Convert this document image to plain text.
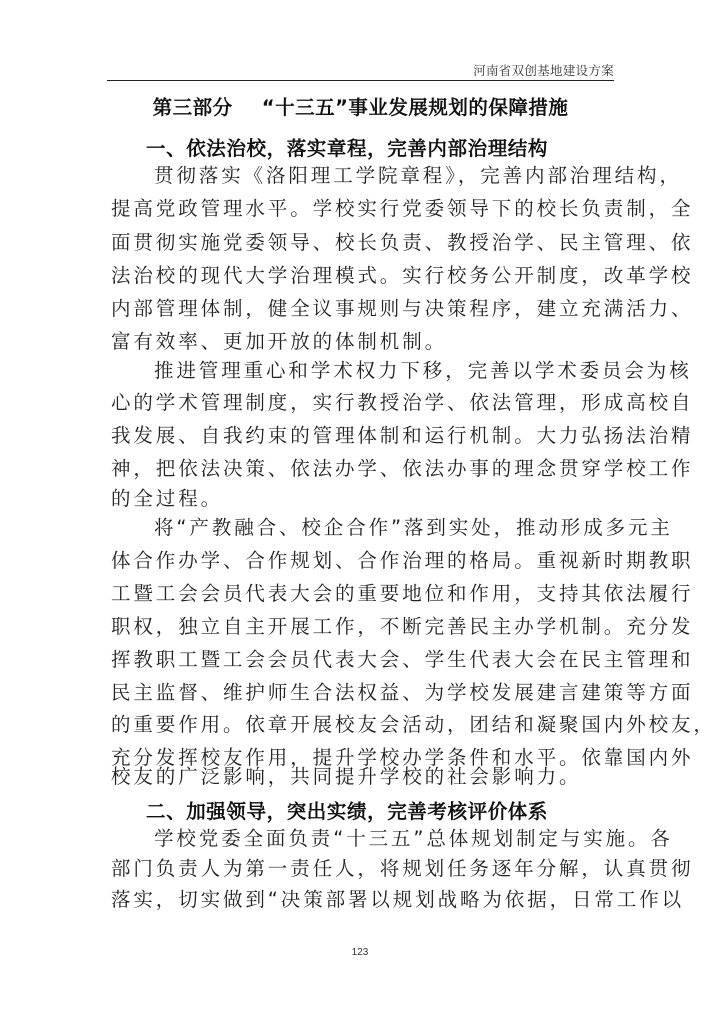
河南省双创基地建设方案
第三部分    “十三五”事业发展规划的保障措施
一、依法治校，落实章程，完善内部治理结构
贯彻落实《洛阳理工学院章程》，完善内部治理结构，
提高党政管理水平。学校实行党委领导下的校长负责制，全
面贯彻实施党委领导、校长负责、教授治学、民主管理、依
法治校的现代大学治理模式。实行校务公开制度，改革学校
内部管理体制，健全议事规则与决策程序，建立充满活力、
富有效率、更加开放的体制机制。
推进管理重心和学术权力下移，完善以学术委员会为核
心的学术管理制度，实行教授治学、依法管理，形成高校自
我发展、自我约束的管理体制和运行机制。大力弘扬法治精
神，把依法决策、依法办学、依法办事的理念贯穿学校工作
的全过程。
将“产教融合、校企合作”落到实处，推动形成多元主
体合作办学、合作规划、合作治理的格局。重视新时期教职
工暨工会会员代表大会的重要地位和作用，支持其依法履行
职权，独立自主开展工作，不断完善民主办学机制。充分发
挥教职工暨工会会员代表大会、学生代表大会在民主管理和
民主监督、维护师生合法权益、为学校发展建言建策等方面
的重要作用。依章开展校友会活动，团结和凝聚国内外校友，
充分发挥校友作用，提升学校办学条件和水平。依靠国内外
校友的广泛影响，共同提升学校的社会影响力。
二、加强领导，突出实绩，完善考核评价体系
学校党委全面负责“十三五”总体规划制定与实施。各
部门负责人为第一责任人，将规划任务逐年分解，认真贯彻
落实，切实做到“决策部署以规划战略为依据，日常工作以
123
